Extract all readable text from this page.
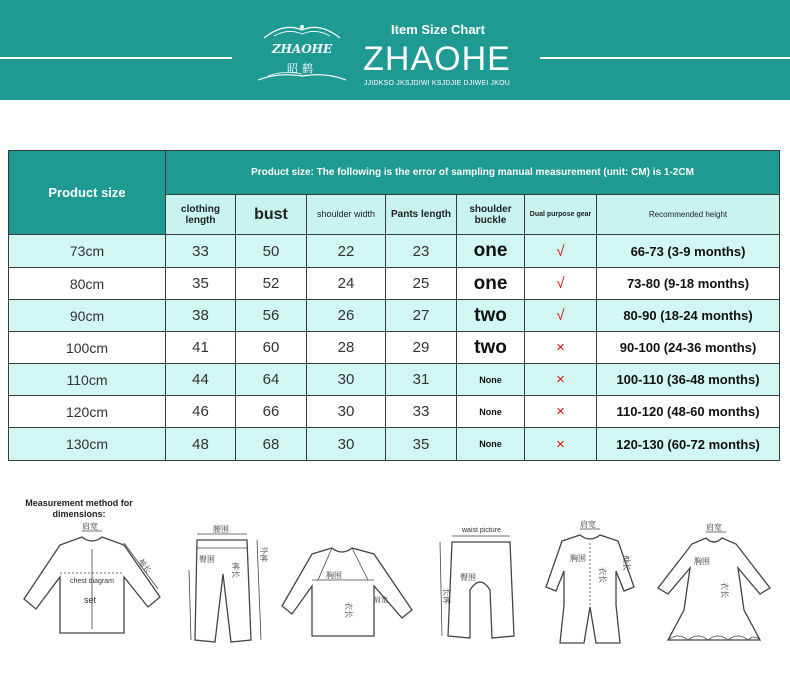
ZHAOHE
昭鹤
Item Size Chart
ZHAOHE
JJIDKSO JKSJDIWI KSJDJIE DJIWEI JKOU
Product size	Product size: The following is the error of sampling manual measurement (unit: CM) is 1-2CM						
	clothing length	bust	shoulder width	Pants length	shoulder buckle	Dual purpose gear	Recommended height
73cm	33	50	22	23	one	√	66-73 (3-9 months)
80cm	35	52	24	25	one	√	73-80 (9-18 months)
90cm	38	56	26	27	two	√	80-90 (18-24 months)
100cm	41	60	28	29	two	×	90-100 (24-36 months)
110cm	44	64	30	31	None	×	100-110 (36-48 months)
120cm	46	66	30	33	None	×	110-120 (48-60 months)
130cm	48	68	30	35	None	×	120-130 (60-72 months)
Measurement method for dimensions:
chest diagram
set
袖长
肩宽	腰围
臀围
裤长
外裤
胸围
衣长
肩宽
waist picture
臀围
长裤
肩宽
胸围
衣长
袖长
肩宽
胸围
衣长
